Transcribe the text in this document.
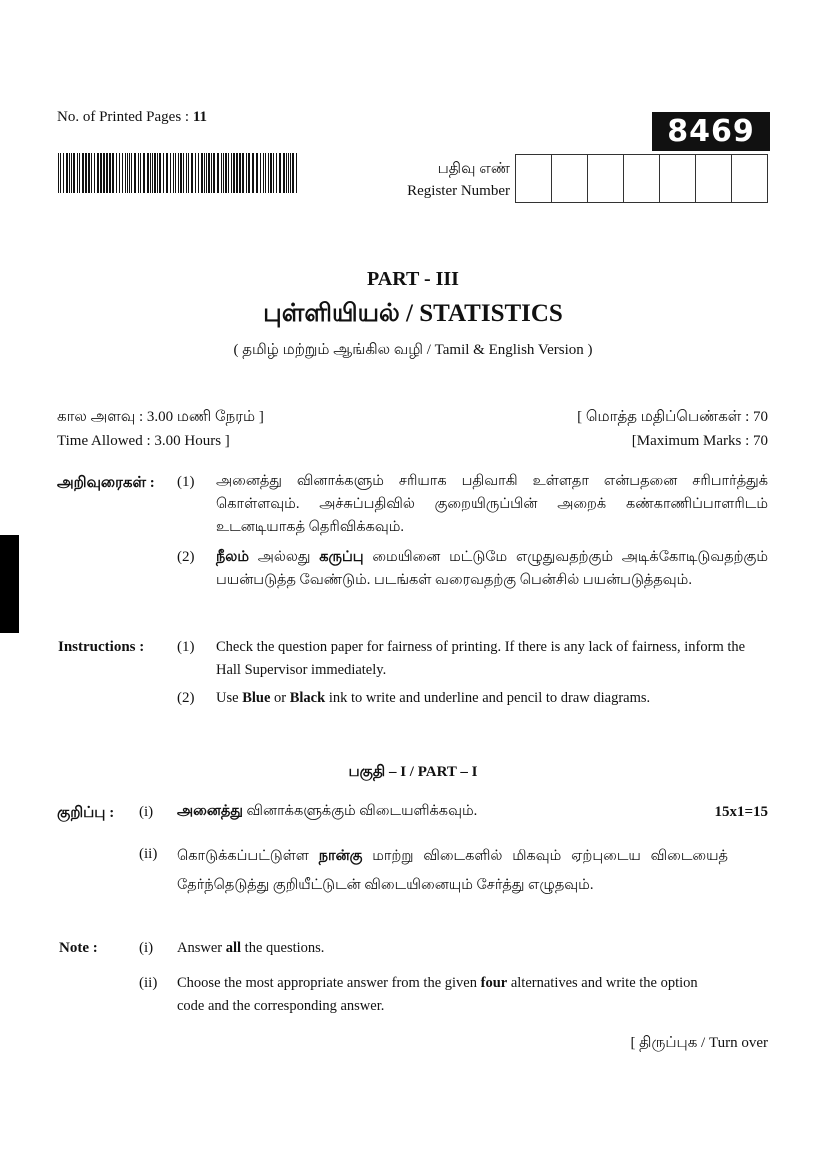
No. of Printed Pages : 11	8469
பதிவு எண்
Register Number
PART - III
புள்ளியியல் / STATISTICS
( தமிழ் மற்றும் ஆங்கில வழி / Tamil & English Version )
கால அளவு : 3.00 மணி நேரம் ]	[ மொத்த மதிப்பெண்கள் : 70
Time Allowed : 3.00 Hours ]	[Maximum Marks : 70
அறிவுரைகள் : (1) அனைத்து வினாக்களும் சரியாக பதிவாகி உள்ளதா என்பதனை சரிபார்த்துக் கொள்ளவும். அச்சுப்பதிவில் குறையிருப்பின் அறைக் கண்காணிப்பாளரிடம் உடனடியாகத் தெரிவிக்கவும்.
(2) நீலம் அல்லது கருப்பு மையினை மட்டுமே எழுதுவதற்கும் அடிக்கோடிடுவதற்கும் பயன்படுத்த வேண்டும். படங்கள் வரைவதற்கு பென்சில் பயன்படுத்தவும்.
Instructions : (1) Check the question paper for fairness of printing. If there is any lack of fairness, inform the Hall Supervisor immediately.
(2) Use Blue or Black ink to write and underline and pencil to draw diagrams.
பகுதி – I / PART – I
குறிப்பு : (i) அனைத்து வினாக்களுக்கும் விடையளிக்கவும்.	15x1=15
(ii) கொடுக்கப்பட்டுள்ள நான்கு மாற்று விடைகளில் மிகவும் ஏற்புடைய விடையைத் தேர்ந்தெடுத்து குறியீட்டுடன் விடையினையும் சேர்த்து எழுதவும்.
Note :	(i) Answer all the questions.
(ii) Choose the most appropriate answer from the given four alternatives and write the option code and the corresponding answer.
[ திருப்புக / Turn over
